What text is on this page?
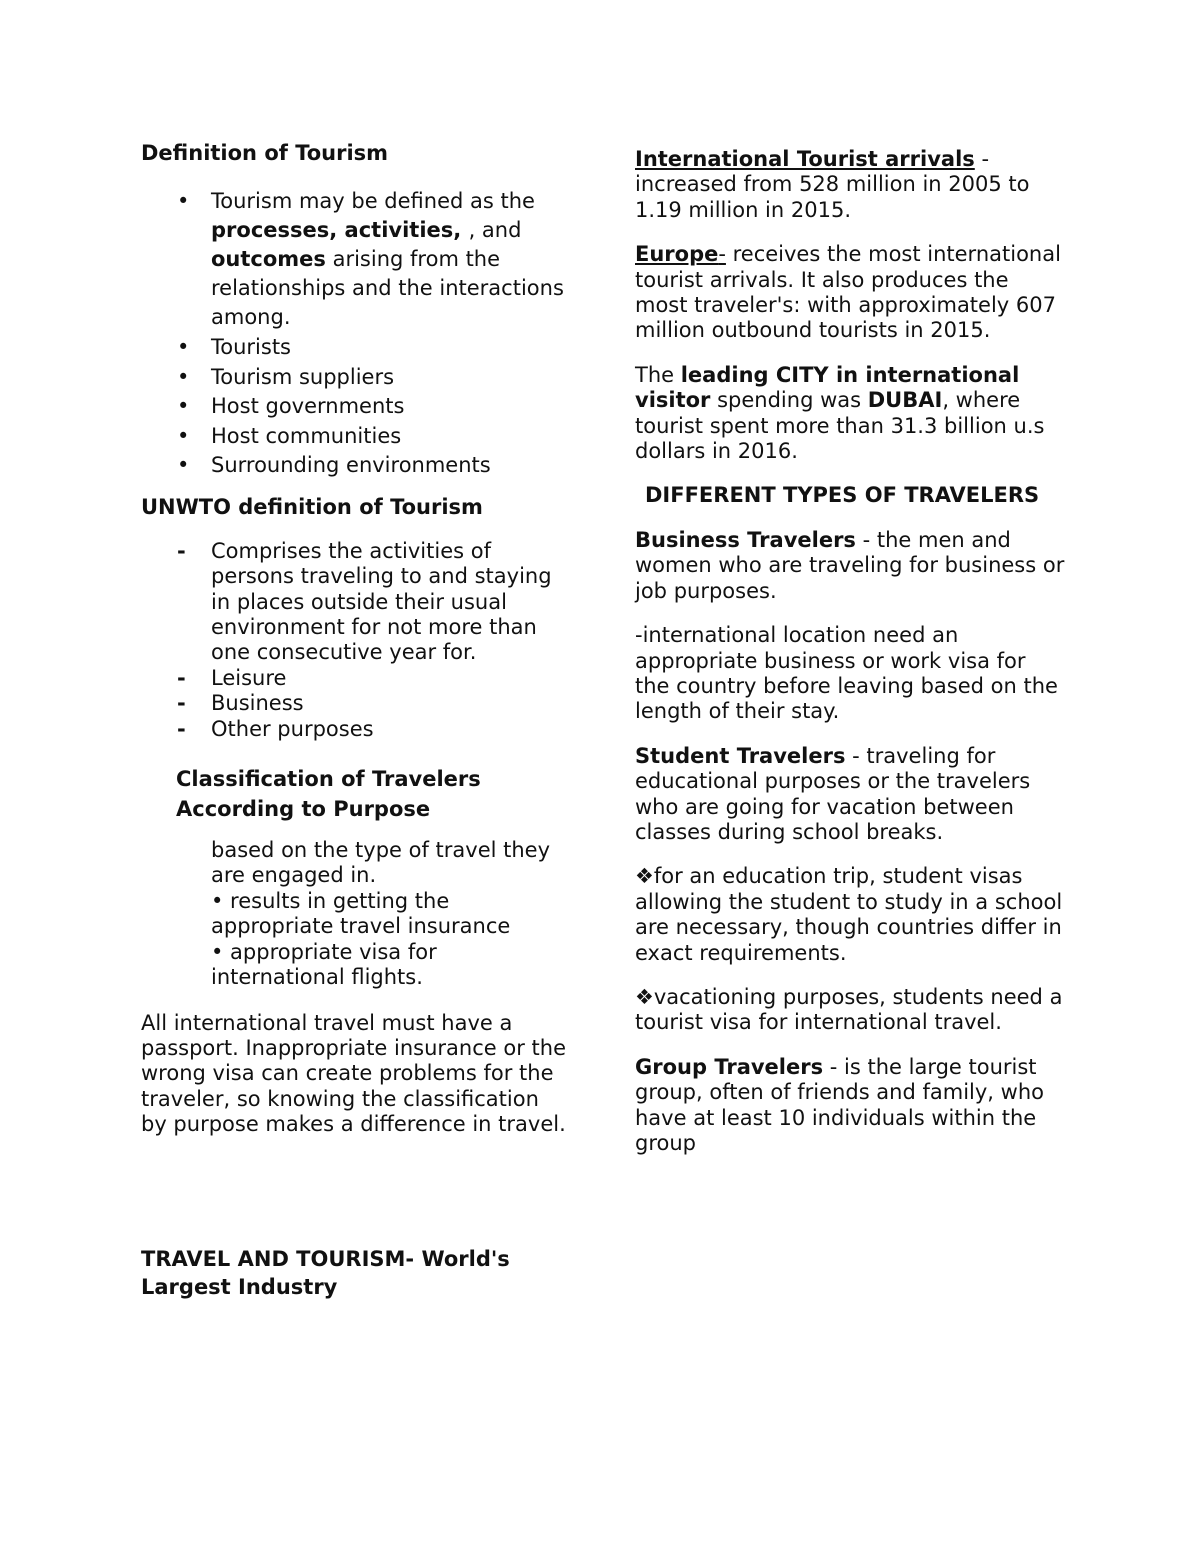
Definition of Tourism

• Tourism may be defined as the processes, activities, , and outcomes arising from the relationships and the interactions among.
• Tourists
• Tourism suppliers
• Host governments
• Host communities
• Surrounding environments

UNWTO definition of Tourism

- Comprises the activities of persons traveling to and staying in places outside their usual environment for not more than one consecutive year for.
- Leisure
- Business
- Other purposes
Classification of Travelers
According to Purpose
based on the type of travel they are engaged in.
• results in getting the appropriate travel insurance
• appropriate visa for international flights.

All international travel must have a passport. Inappropriate insurance or the wrong visa can create problems for the traveler, so knowing the classification by purpose makes a difference in travel.

TRAVEL AND TOURISM- World's
Largest Industry

International Tourist arrivals - increased from 528 million in 2005 to
1.19 million in 2015.

Europe- receives the most international tourist arrivals. It also produces the most traveler's: with approximately 607 million outbound tourists in 2015.

The leading CITY in international visitor spending was DUBAI, where tourist spent more than 31.3 billion u.s dollars in 2016.

DIFFERENT TYPES OF TRAVELERS

Business Travelers - the men and women who are traveling for business or job purposes.

-international location need an appropriate business or work visa for the country before leaving based on the length of their stay.

Student Travelers - traveling for educational purposes or the travelers who are going for vacation between classes during school breaks.

❖for an education trip, student visas allowing the student to study in a school are necessary, though countries differ in exact requirements.

❖vacationing purposes, students need a tourist visa for international travel.

Group Travelers - is the large tourist group, often of friends and family, who have at least 10 individuals within the group
